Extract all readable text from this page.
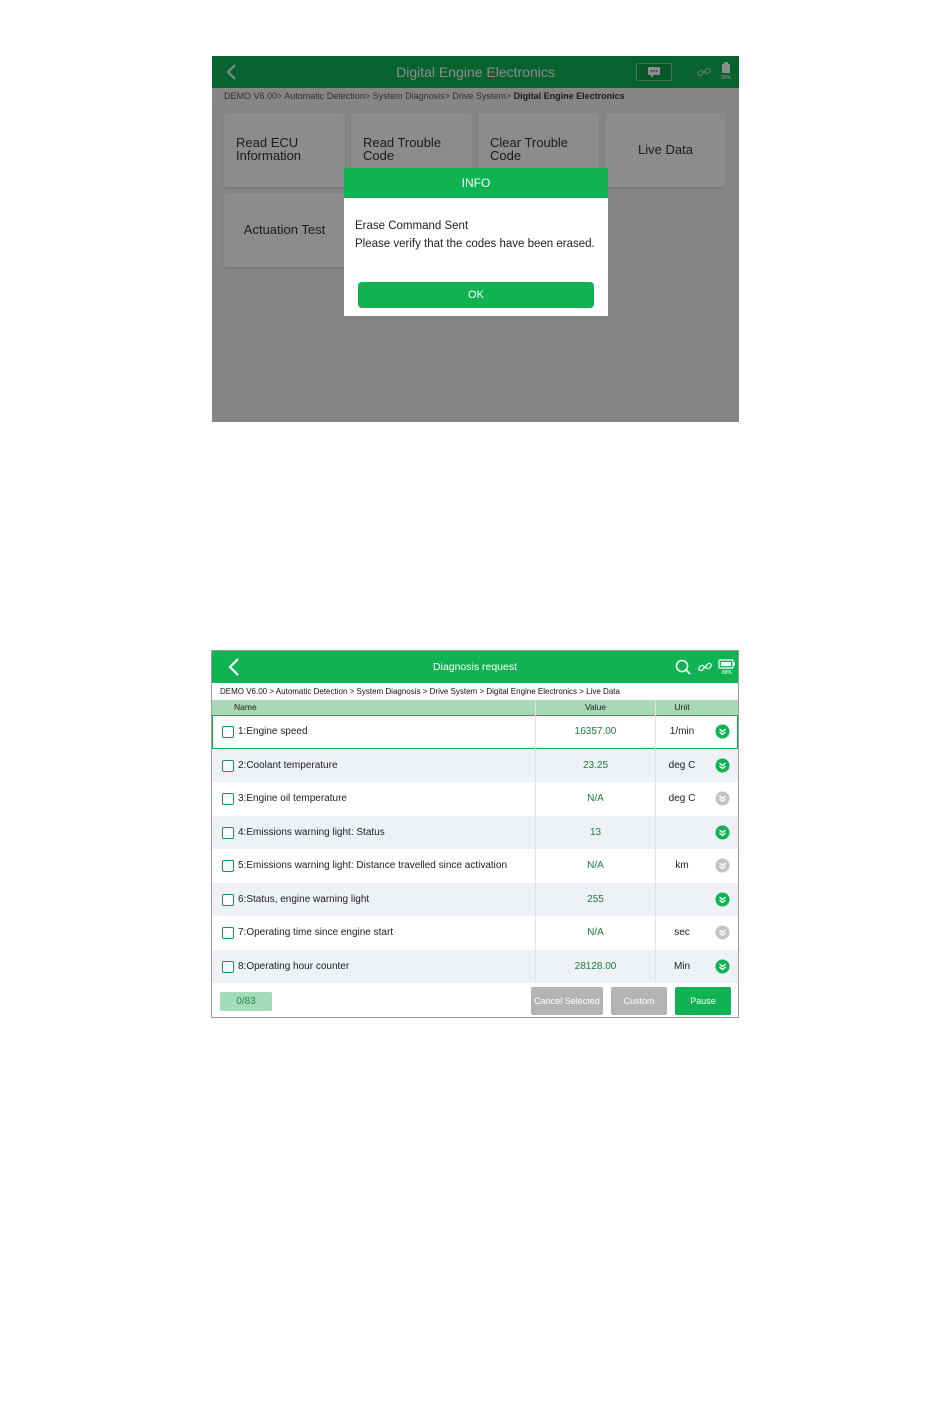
Digital Engine Electronics	88%
DEMO V6.00> Automatic Detection> System Diagnosis> Drive System> Digital Engine Electronics
Read ECU
Information
Read Trouble
Code
Clear Trouble
Code	Live Data
Actuation Test
INFO
Erase Command Sent
Please verify that the codes have been erased.
OK
Diagnosis request	88%
DEMO V6.00 > Automatic Detection > System Diagnosis > Drive System > Digital Engine Electronics > Live Data
Name	Value	Unit
1:Engine speed	16357.00	1/min
2:Coolant temperature	23.25	deg C
3:Engine oil temperature	N/A	deg C
4:Emissions warning light: Status	13
5:Emissions warning light: Distance travelled since activation	N/A	km
6:Status, engine warning light	255
7:Operating time since engine start	N/A	sec
8:Operating hour counter	28128.00	Min
0/83	Cancel Selected	Custom	Pause
